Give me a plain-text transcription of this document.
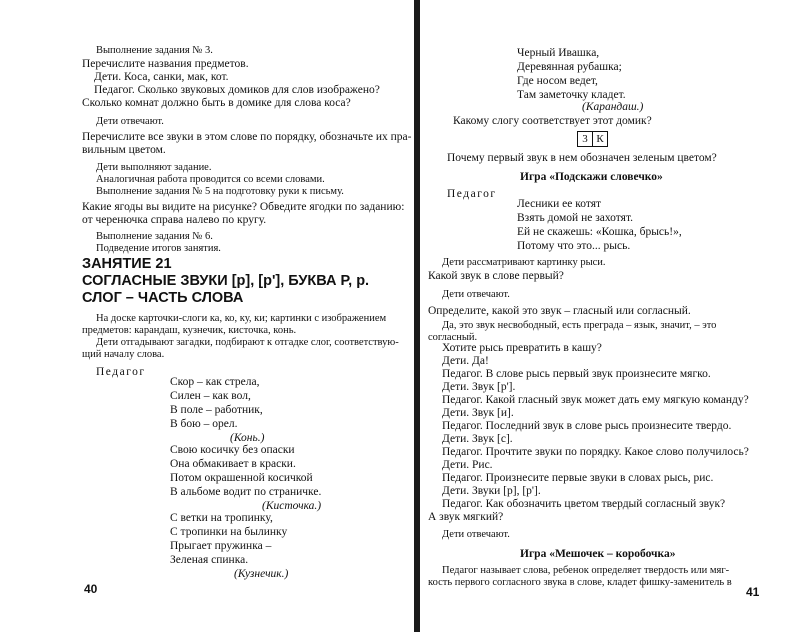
Выполнение задания № 3.
Перечислите названия предметов.
Дети. Коса, санки, мак, кот.
Педагог. Сколько звуковых домиков для слов изображено?
Сколько комнат должно быть в домике для слова коса?
Дети отвечают.
Перечислите все звуки в этом слове по порядку, обозначьте их пра-
вильным цветом.
Дети выполняют задание.
Аналогичная работа проводится со всеми словами.
Выполнение задания № 5 на подготовку руки к письму.
Какие ягоды вы видите на рисунке? Обведите ягодки по заданию:
от черенючка справа налево по кругу.
Выполнение задания № 6.
Подведение итогов занятия.
ЗАНЯТИЕ 21
СОГЛАСНЫЕ ЗВУКИ [р], [р'], БУКВА Р, р.
СЛОГ – ЧАСТЬ СЛОВА
На доске карточки-слоги ка, ко, ку, ки; картинки с изображением
предметов: карандаш, кузнечик, кисточка, конь.
Дети отгадывают загадки, подбирают к отгадке слог, соответствую-
щий началу слова.
Педагог
Скор – как стрела,
Силен – как вол,
В поле – работник,
В бою – орел.
(Конь.)
Свою косичку без опаски
Она обмакивает в краски.
Потом окрашенной косичкой
В альбоме водит по страничке.
(Кисточка.)
С ветки на тропинку,
С тропинки на былинку
Прыгает пружинка –
Зеленая спинка.
(Кузнечик.)
40
Черный Ивашка,
Деревянная рубашка;
Где носом ведет,
Там заметочку кладет.
(Карандаш.)
Какому слогу соответствует этот домик?
3 К
Почему первый звук в нем обозначен зеленым цветом?
Игра «Подскажи словечко»
Педагог
Лесники ее котят
Взять домой не захотят.
Ей не скажешь: «Кошка, брысь!»,
Потому что это... рысь.
Дети рассматривают картинку рыси.
Какой звук в слове первый?
Дети отвечают.
Определите, какой это звук – гласный или согласный.
Да, это звук несвободный, есть преграда – язык, значит, – это
согласный.
Хотите рысь превратить в кашу?
Дети. Да!
Педагог. В слове рысь первый звук произнесите мягко.
Дети. Звук [р'].
Педагог. Какой гласный звук может дать ему мягкую команду?
Дети. Звук [и].
Педагог. Последний звук в слове рысь произнесите твердо.
Дети. Звук [с].
Педагог. Прочтите звуки по порядку. Какое слово получилось?
Дети. Рис.
Педагог. Произнесите первые звуки в словах рысь, рис.
Дети. Звуки [р], [р'].
Педагог. Как обозначить цветом твердый согласный звук?
А звук мягкий?
Дети отвечают.
Игра «Мешочек – коробочка»
Педагог называет слова, ребенок определяет твердость или мяг-
кость первого согласного звука в слове, кладет фишку-заменитель в
41
